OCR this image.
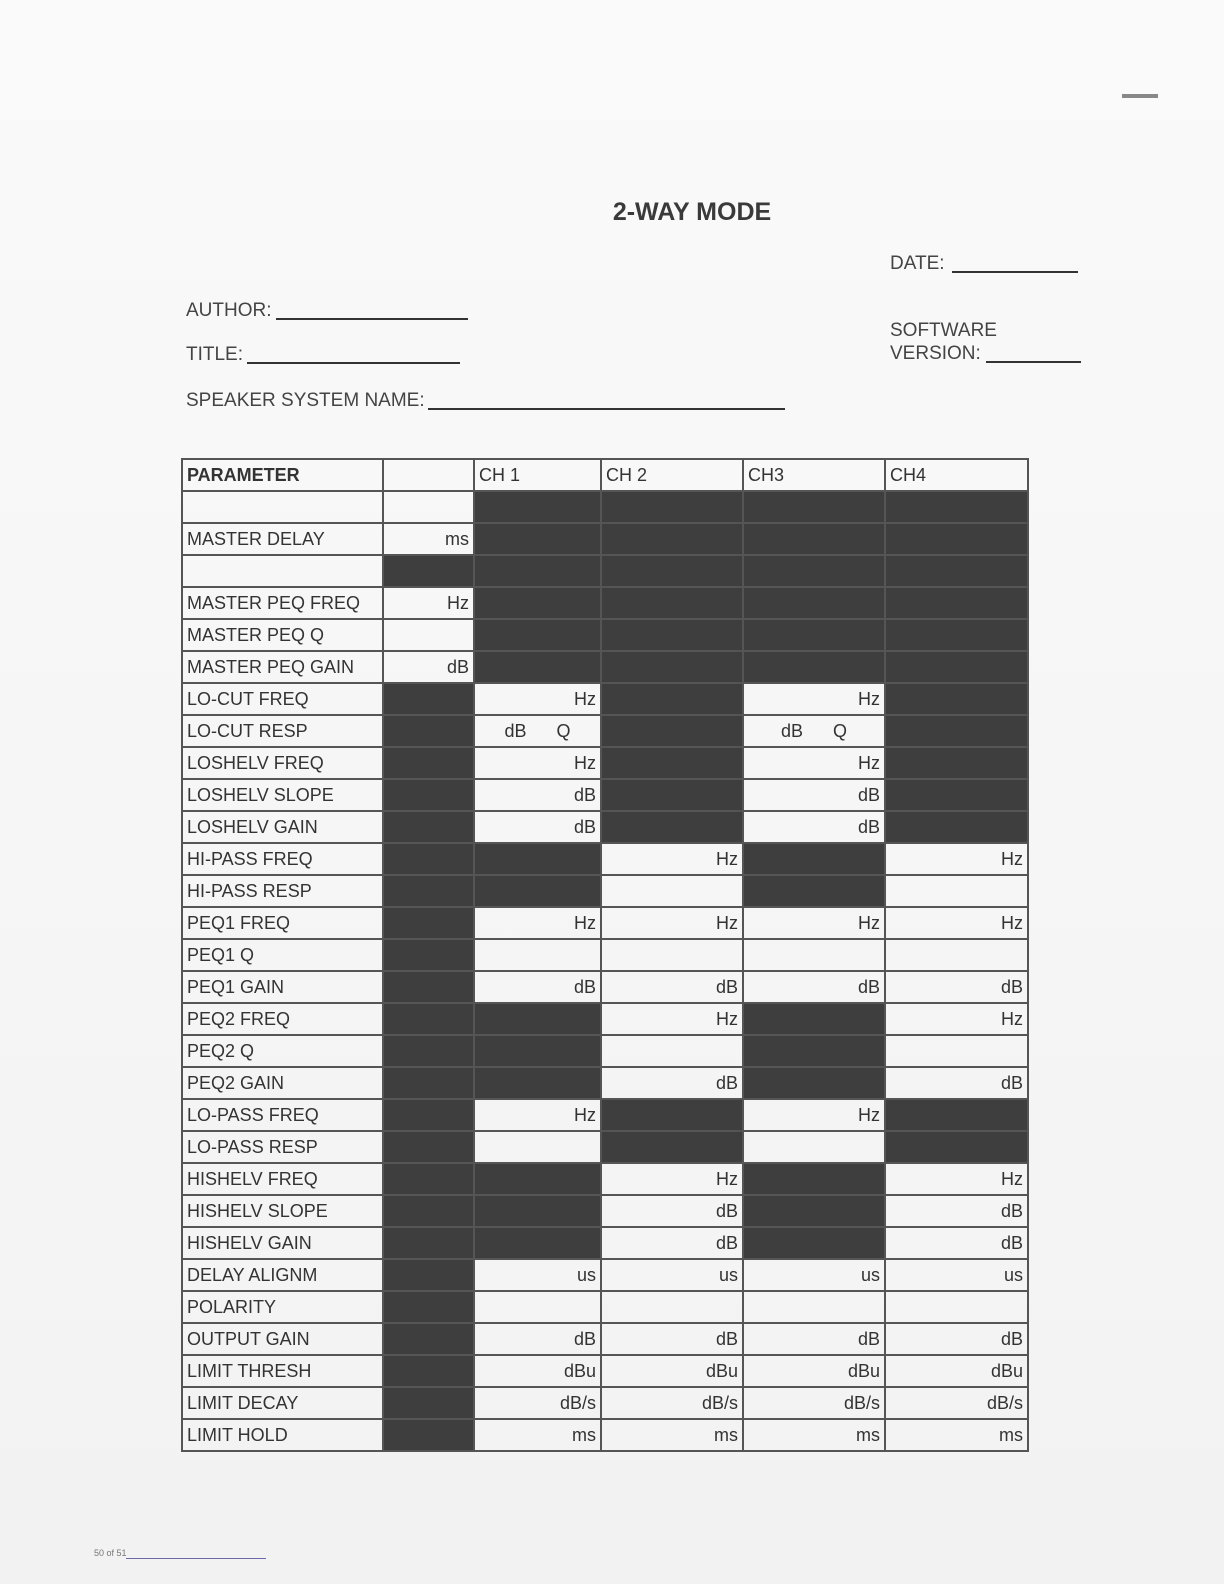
2-WAY MODE
DATE:
AUTHOR:
SOFTWARE
VERSION:
TITLE:
SPEAKER SYSTEM NAME:
PARAMETER		CH 1	CH 2	CH3	CH4

MASTER DELAY	ms				

MASTER PEQ FREQ	Hz				
MASTER PEQ Q					
MASTER PEQ GAIN	dB				
LO-CUT FREQ		Hz		Hz	
LO-CUT RESP		dB      Q		dB      Q	
LOSHELV FREQ		Hz		Hz	
LOSHELV SLOPE		dB		dB	
LOSHELV GAIN		dB		dB	
HI-PASS FREQ			Hz		Hz
HI-PASS RESP					
PEQ1 FREQ		Hz	Hz	Hz	Hz
PEQ1 Q					
PEQ1 GAIN		dB	dB	dB	dB
PEQ2 FREQ			Hz		Hz
PEQ2 Q					
PEQ2 GAIN			dB		dB
LO-PASS FREQ		Hz		Hz	
LO-PASS RESP					
HISHELV FREQ			Hz		Hz
HISHELV SLOPE			dB		dB
HISHELV GAIN			dB		dB
DELAY ALIGNM		us	us	us	us
POLARITY					
OUTPUT GAIN		dB	dB	dB	dB
LIMIT THRESH		dBu	dBu	dBu	dBu
LIMIT DECAY		dB/s	dB/s	dB/s	dB/s
LIMIT HOLD		ms	ms	ms	ms
50 of 51
